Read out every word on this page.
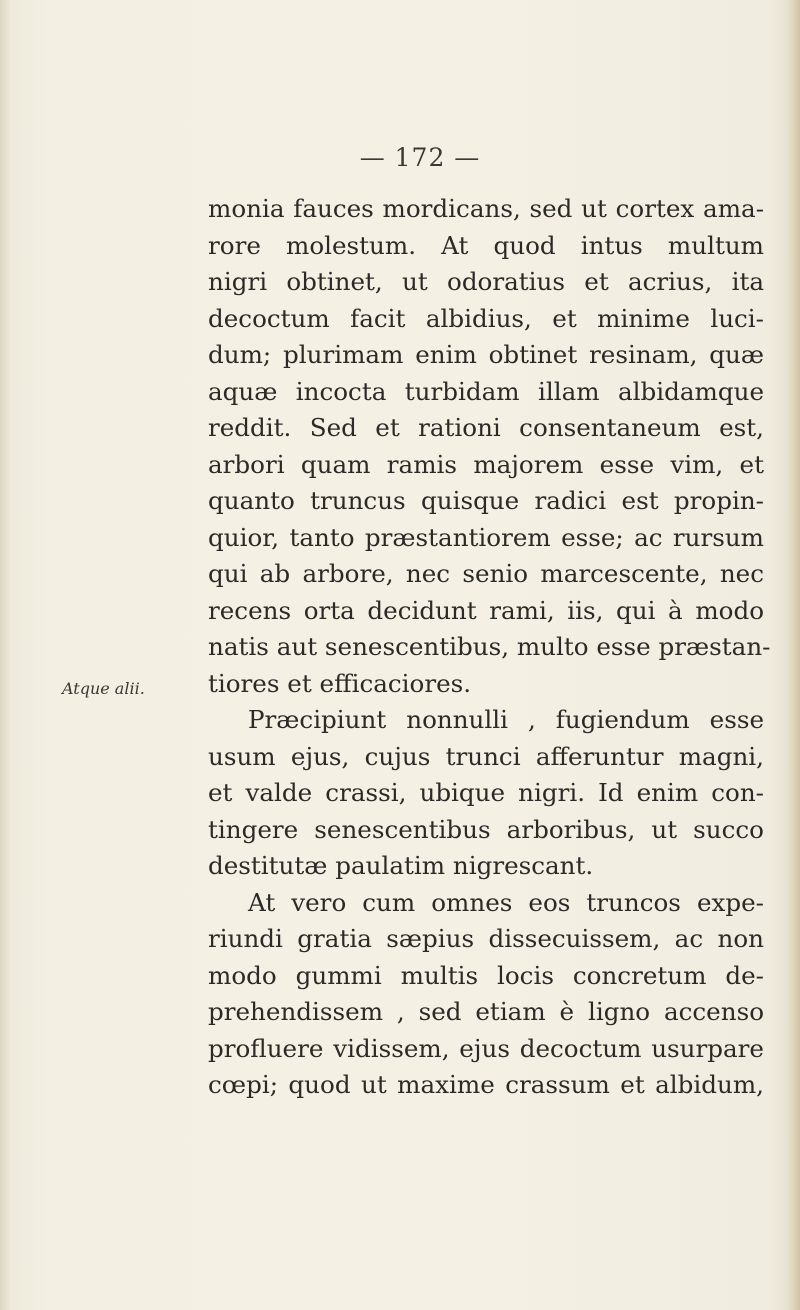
— 172 —
Atque alii.
monia fauces mordicans, sed ut cortex ama-
rore molestum. At quod intus multum
nigri obtinet, ut odoratius et acrius, ita
decoctum facit albidius, et minime luci-
dum; plurimam enim obtinet resinam, quæ
aquæ incocta turbidam illam albidamque
reddit. Sed et rationi consentaneum est,
arbori quam ramis majorem esse vim, et
quanto truncus quisque radici est propin-
quior, tanto præstantiorem esse; ac rursum
qui ab arbore, nec senio marcescente, nec
recens orta decidunt rami, iis, qui à modo
natis aut senescentibus, multo esse præstan-
tiores et efficaciores.
Præcipiunt nonnulli , fugiendum esse
usum ejus, cujus trunci afferuntur magni,
et valde crassi, ubique nigri. Id enim con-
tingere senescentibus arboribus, ut succo
destitutæ paulatim nigrescant.
At vero cum omnes eos truncos expe-
riundi gratia sæpius dissecuissem, ac non
modo gummi multis locis concretum de-
prehendissem , sed etiam è ligno accenso
profluere vidissem, ejus decoctum usurpare
cœpi; quod ut maxime crassum et albidum,
